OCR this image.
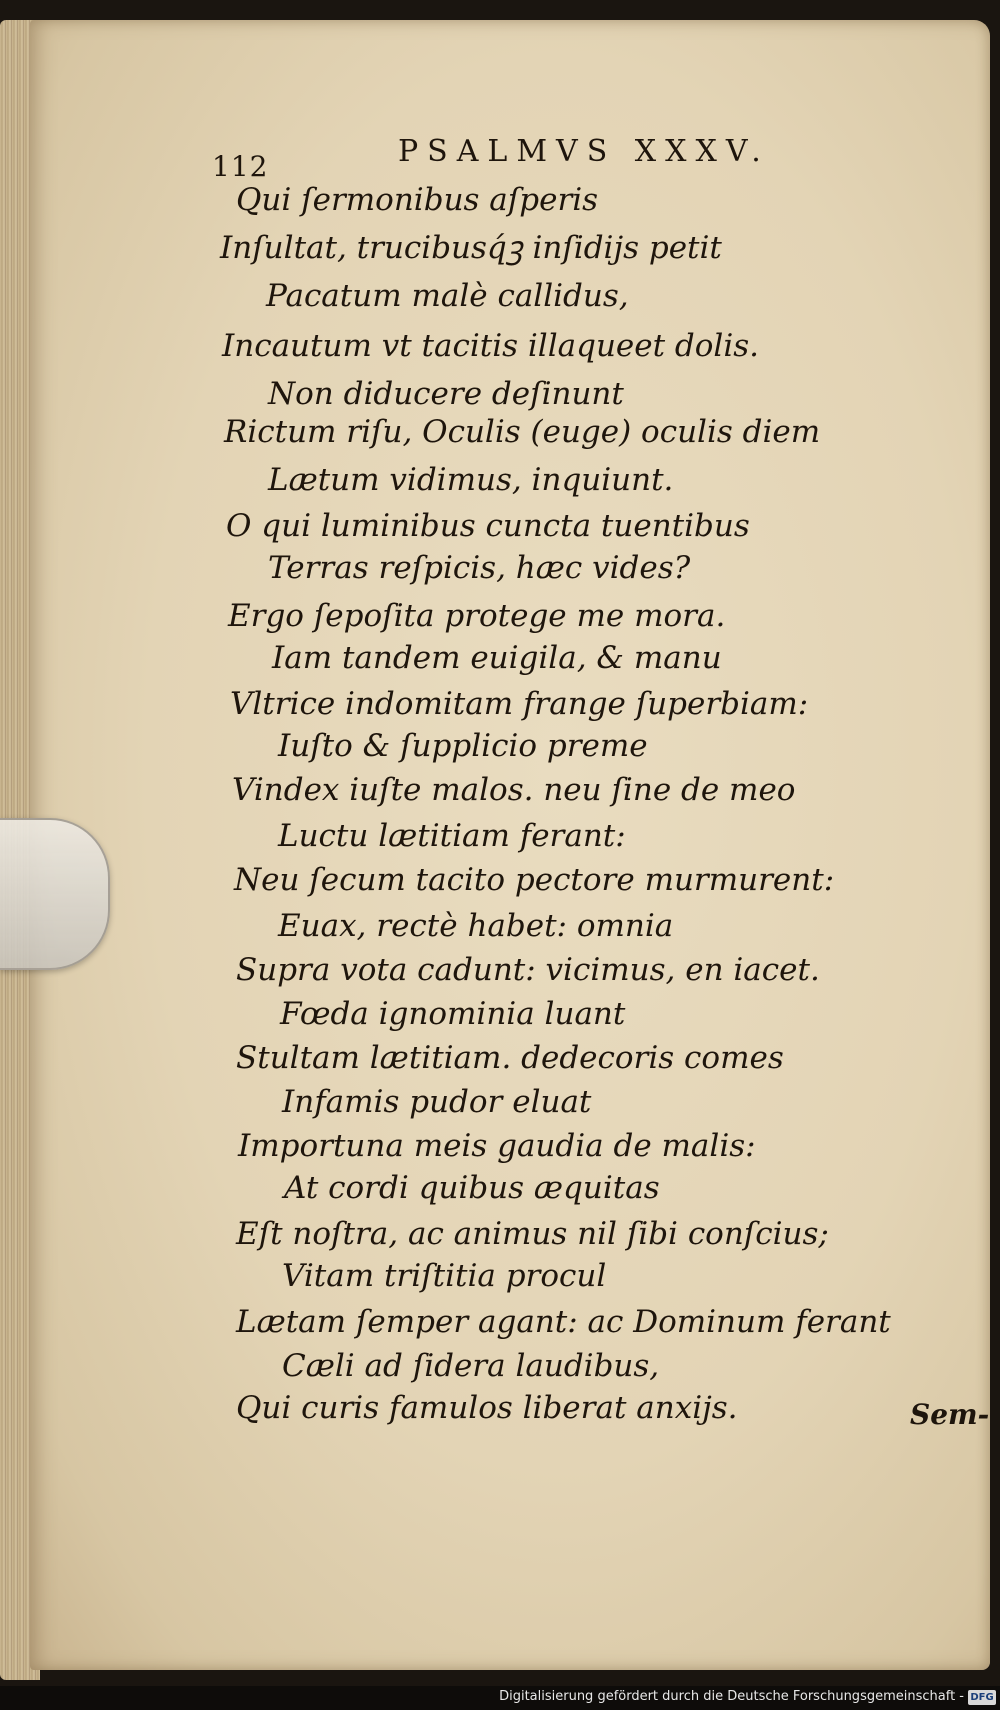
112	PSALMVS XXXV.
Qui ſermonibus aſperis
Inſultat, trucibusq́ꝫ inſidijs petit
Pacatum malè callidus,
Incautum vt tacitis illaqueet dolis.
Non diducere deſinunt
Rictum riſu, Oculis (euge) oculis diem
Lætum vidimus, inquiunt.
O qui luminibus cuncta tuentibus
Terras reſpicis, hæc vides?
Ergo ſepoſita protege me mora.
Iam tandem euigila, & manu
Vltrice indomitam frange ſuperbiam:
Iuſto & ſupplicio preme
Vindex iuſte malos. neu ſine de meo
Luctu lætitiam ferant:
Neu ſecum tacito pectore murmurent:
Euax, rectè habet: omnia
Supra vota cadunt: vicimus, en iacet.
Fœda ignominia luant
Stultam lætitiam. dedecoris comes
Infamis pudor eluat
Importuna meis gaudia de malis:
At cordi quibus æquitas
Eſt noſtra, ac animus nil ſibi conſcius;
Vitam triſtitia procul
Lætam ſemper agant: ac Dominum ferant
Cæli ad ſidera laudibus,
Qui curis famulos liberat anxijs.	Sem-
Digitalisierung gefördert durch die Deutsche Forschungsgemeinschaft - DFG
